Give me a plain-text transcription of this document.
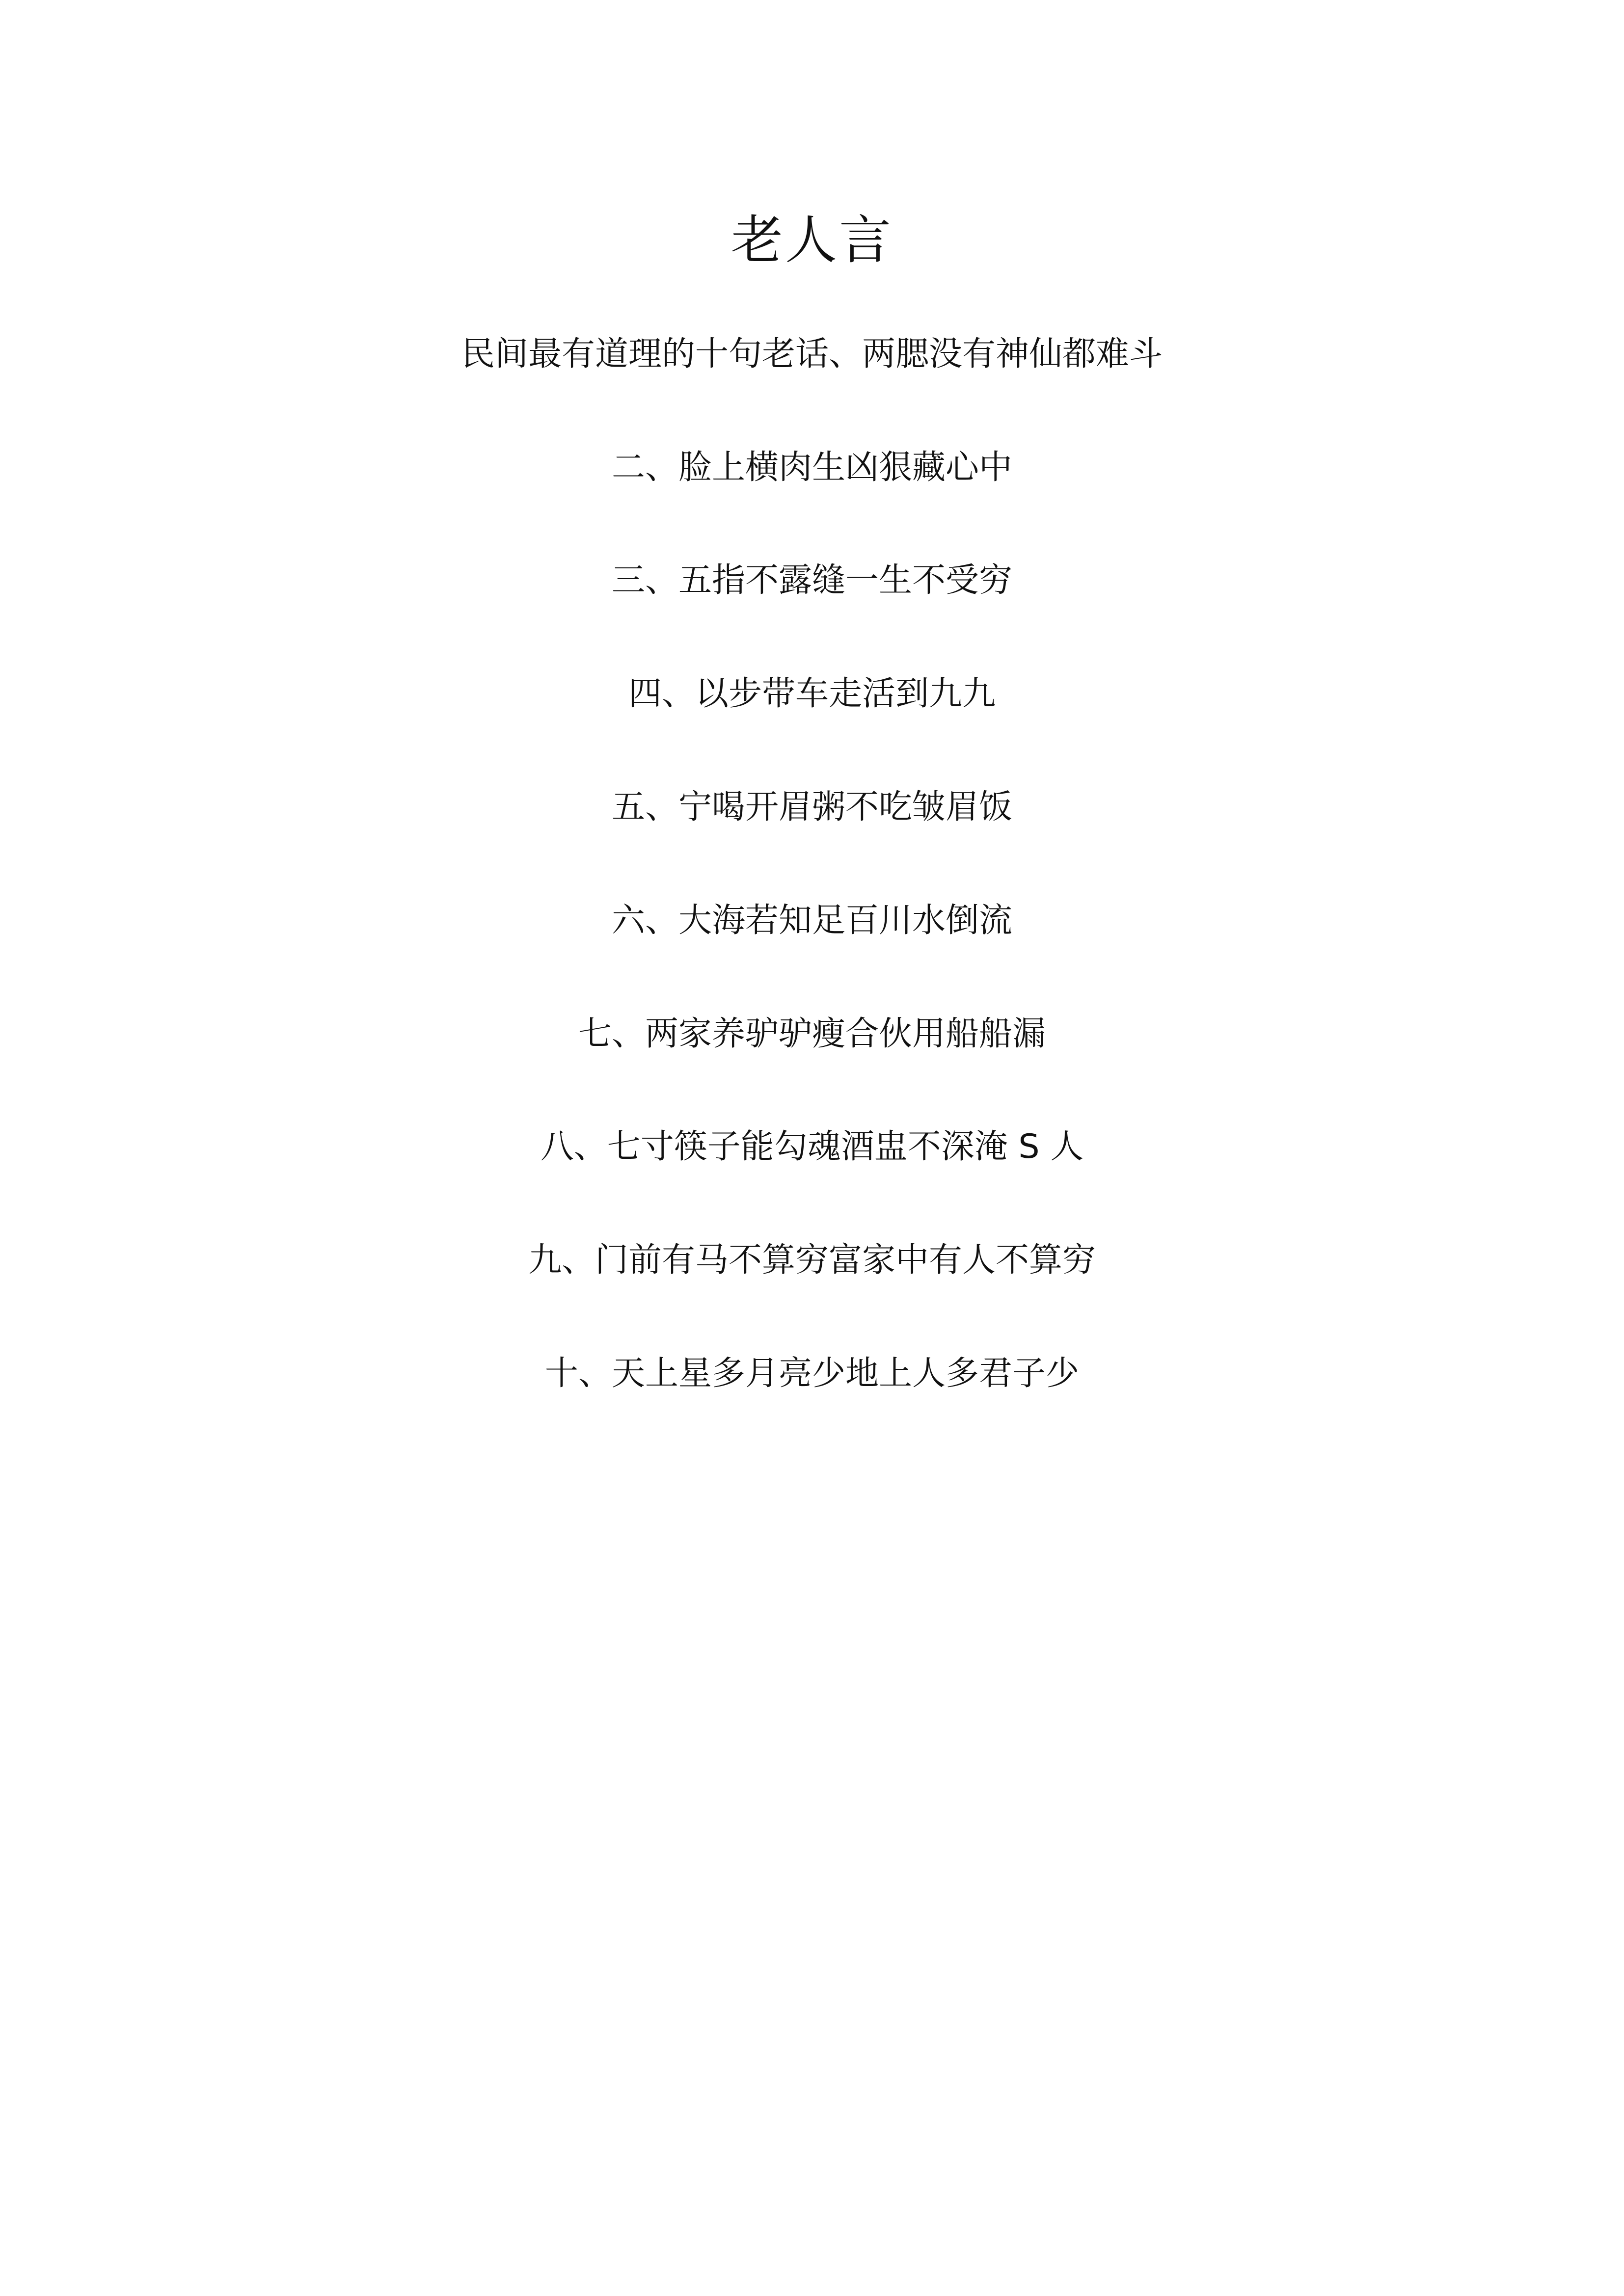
老人言
民间最有道理的十句老话、两腮没有神仙都难斗
二、脸上横肉生凶狠藏心中
三、五指不露缝一生不受穷
四、以步带车走活到九九
五、宁喝开眉粥不吃皱眉饭
六、大海若知足百川水倒流
七、两家养驴驴瘦合伙用船船漏
八、七寸筷子能勾魂酒盅不深淹 S 人
九、门前有马不算穷富家中有人不算穷
十、天上星多月亮少地上人多君子少
